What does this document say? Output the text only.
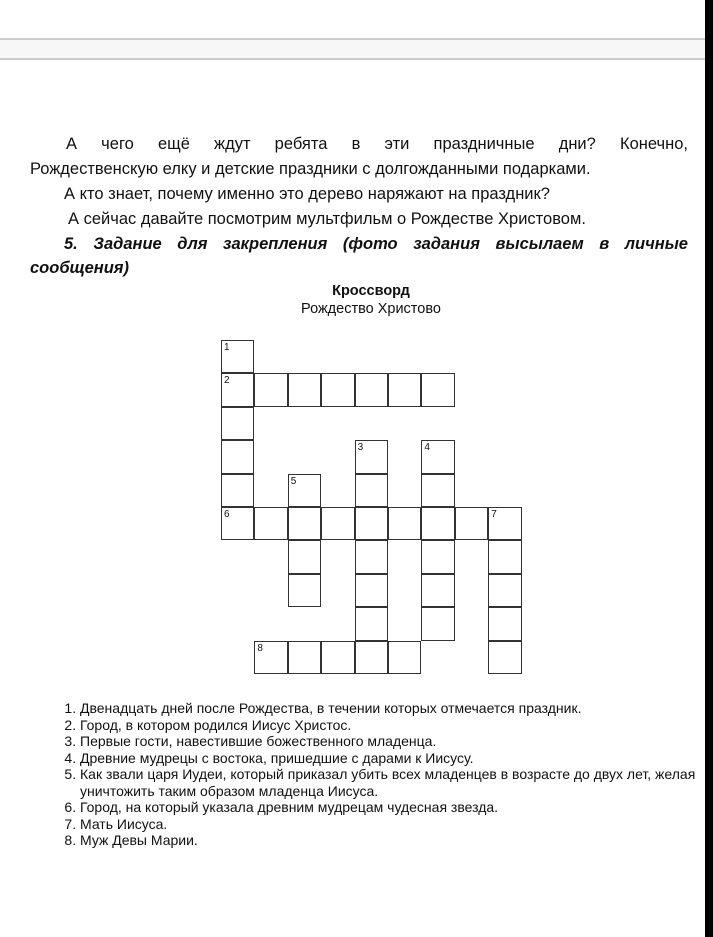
А чего ещё ждут ребята в эти праздничные дни? Конечно,
Рождественскую елку и детские праздники с долгожданными подарками.
А кто знает, почему именно это дерево наряжают на праздник?
А сейчас давайте посмотрим мультфильм о Рождестве Христовом.
5. Задание для закрепления (фото задания высылаем в личные
сообщения)
Кроссворд
Рождество Христово
1
2
6
3	4
5
7
8
1. Двенадцать дней после Рождества, в течении которых отмечается праздник.
2. Город, в котором родился Иисус Христос.
3. Первые гости, навестившие божественного младенца.
4. Древние мудрецы с востока, пришедшие с дарами к Иисусу.
5. Как звали царя Иудеи, который приказал убить всех младенцев в возрасте до двух лет, желая уничтожить таким образом младенца Иисуса.
6. Город, на который указала древним мудрецам чудесная звезда.
7. Мать Иисуса.
8. Муж Девы Марии.
